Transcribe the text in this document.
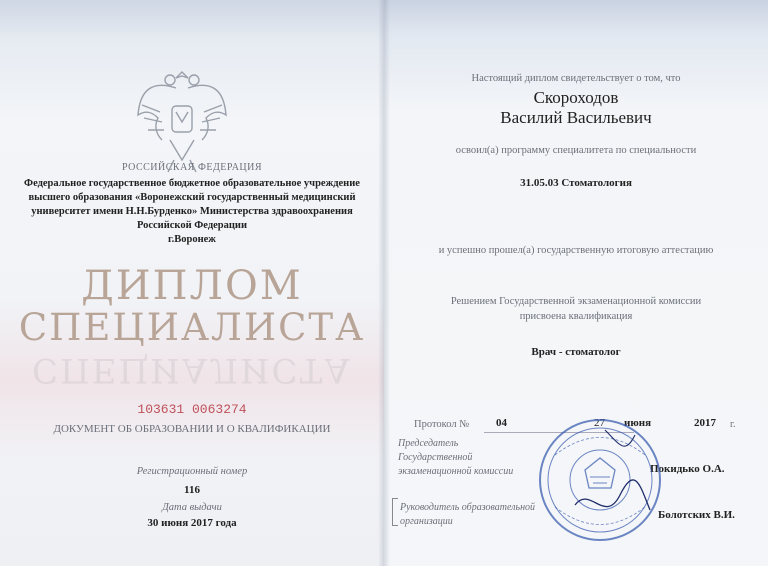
РОССИЙСКАЯ ФЕДЕРАЦИЯ
Федеральное государственное бюджетное образовательное учреждение
высшего образования «Воронежский государственный медицинский
университет имени Н.Н.Бурденко» Министерства здравоохранения
Российской Федерации
г.Воронеж
ДИПЛОМ
СПЕЦИАЛИСТА
СПЕЦИАЛИСТА
103631 0063274
ДОКУМЕНТ ОБ ОБРАЗОВАНИИ И О КВАЛИФИКАЦИИ
Регистрационный номер
116
Дата выдачи
30 июня 2017 года
Настоящий диплом свидетельствует о том, что
Скороходов
Василий Васильевич
освоил(а) программу специалитета по специальности
31.05.03 Стоматология
и успешно прошел(а) государственную итоговую аттестацию
Решением Государственной экзаменационной комиссии
присвоена квалификация
Врач - стоматолог
Протокол № 04	27 июня	2017 г.
Председатель
Государственной
экзаменационной комиссии	Покидько О.А.
Руководитель образовательной
организации
Болотских В.И.
